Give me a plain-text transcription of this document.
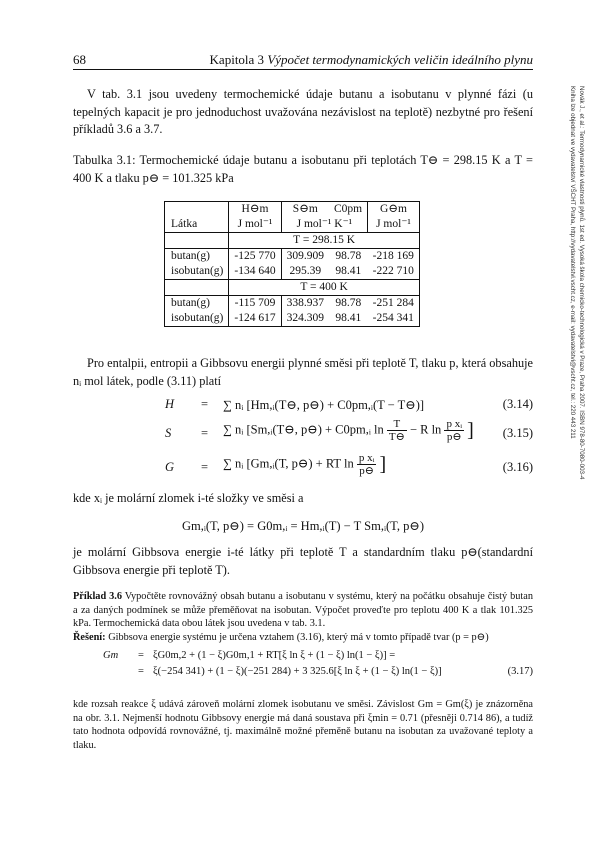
68	Kapitola 3 Výpočet termodynamických veličin ideálního plynu
V tab. 3.1 jsou uvedeny termochemické údaje butanu a isobutanu v plynné fázi (u tepelných kapacit je pro jednoduchost uvažována nezávislost na teplotě) nezbytné pro řešení příkladů 3.6 a 3.7.
Tabulka 3.1: Termochemické údaje butanu a isobutanu při teplotách T⊖ = 298.15 K a T = 400 K a tlaku p⊖ = 101.325 kPa
	H⊖m	S⊖m	C0pm	G⊖m
Látka	J mol⁻¹	J mol⁻¹ K⁻¹		J mol⁻¹
	T = 298.15 K			
butan(g)	-125 770	309.909	98.78	-218 169
isobutan(g)	-134 640	295.39	98.41	-222 710
	T = 400 K			
butan(g)	-115 709	338.937	98.78	-251 284
isobutan(g)	-124 617	324.309	98.41	-254 341
Pro entalpii, entropii a Gibbsovu energii plynné směsi při teplotě T, tlaku p, která obsahuje nᵢ mol látek, podle (3.11) platí
H = ∑ nᵢ [Hm,ᵢ(T⊖, p⊖) + C0pm,ᵢ(T − T⊖)]	(3.14)
S = ∑ nᵢ [Sm,ᵢ(T⊖, p⊖) + C0pm,ᵢ $\ln \frac{T}{T⊖} - R$ $\ln \frac{\text{p xᵢ}}{p⊖}$ ] (3.15)
G = ∑ nᵢ [Gm,ᵢ(T, p⊖) + RT $\ln \frac{\text{p xᵢ}}{p⊖}$ ]	(3.16)
kde xᵢ je molární zlomek i-té složky ve směsi a
Gm,ᵢ(T, p⊖) = G0m,ᵢ = Hm,ᵢ(T) − T Sm,ᵢ(T, p⊖)
je molární Gibbsova energie i-té látky při teplotě T a standardním tlaku p⊖(standardní Gibbsova energie při teplotě T).
Příklad 3.6 Vypočtěte rovnovážný obsah butanu a isobutanu v systému, který na počátku obsahuje čistý butan a za daných podmínek se může přeměňovat na isobutan. Výpočet proveďte pro teplotu 400 K a tlak 101.325 kPa. Termochemická data obou látek jsou uvedena v tab. 3.1.
Řešení: Gibbsova energie systému je určena vztahem (3.16), který má v tomto případě tvar (p = p⊖)
Gm = ξG0m,2 + (1 − ξ)G0m,1 + RT[ξ ln ξ + (1 − ξ) ln(1 − ξ)] =
= ξ(−254 341) + (1 − ξ)(−251 284) + 3 325.6[ξ ln ξ + (1 − ξ) ln(1 − ξ)]	(3.17)
kde rozsah reakce ξ udává zároveň molární zlomek isobutanu ve směsi. Závislost Gm = Gm(ξ) je znázorněna na obr. 3.1. Nejmenší hodnotu Gibbsovy energie má daná soustava při ξmin = 0.71 (přesněji 0.714 86), a tudíž tato hodnota odpovídá rovnovážné, tj. maximálně možné přeměně butanu na isobutan za uvažované teploty a tlaku.
Novák J., et al.: Termodynamické vlastnosti plynů. 1st ed. Vysoká škola chemicko-technologická v Praze, Praha 2007. ISBN 978-80-7080-003-4
Kniha lze objednat ve vydavatelství VŠCHT Praha, http://vydavatelstvi.vscht.cz, e-mail: vydavatelstvi@vscht.cz, tel.: 220 443 211
